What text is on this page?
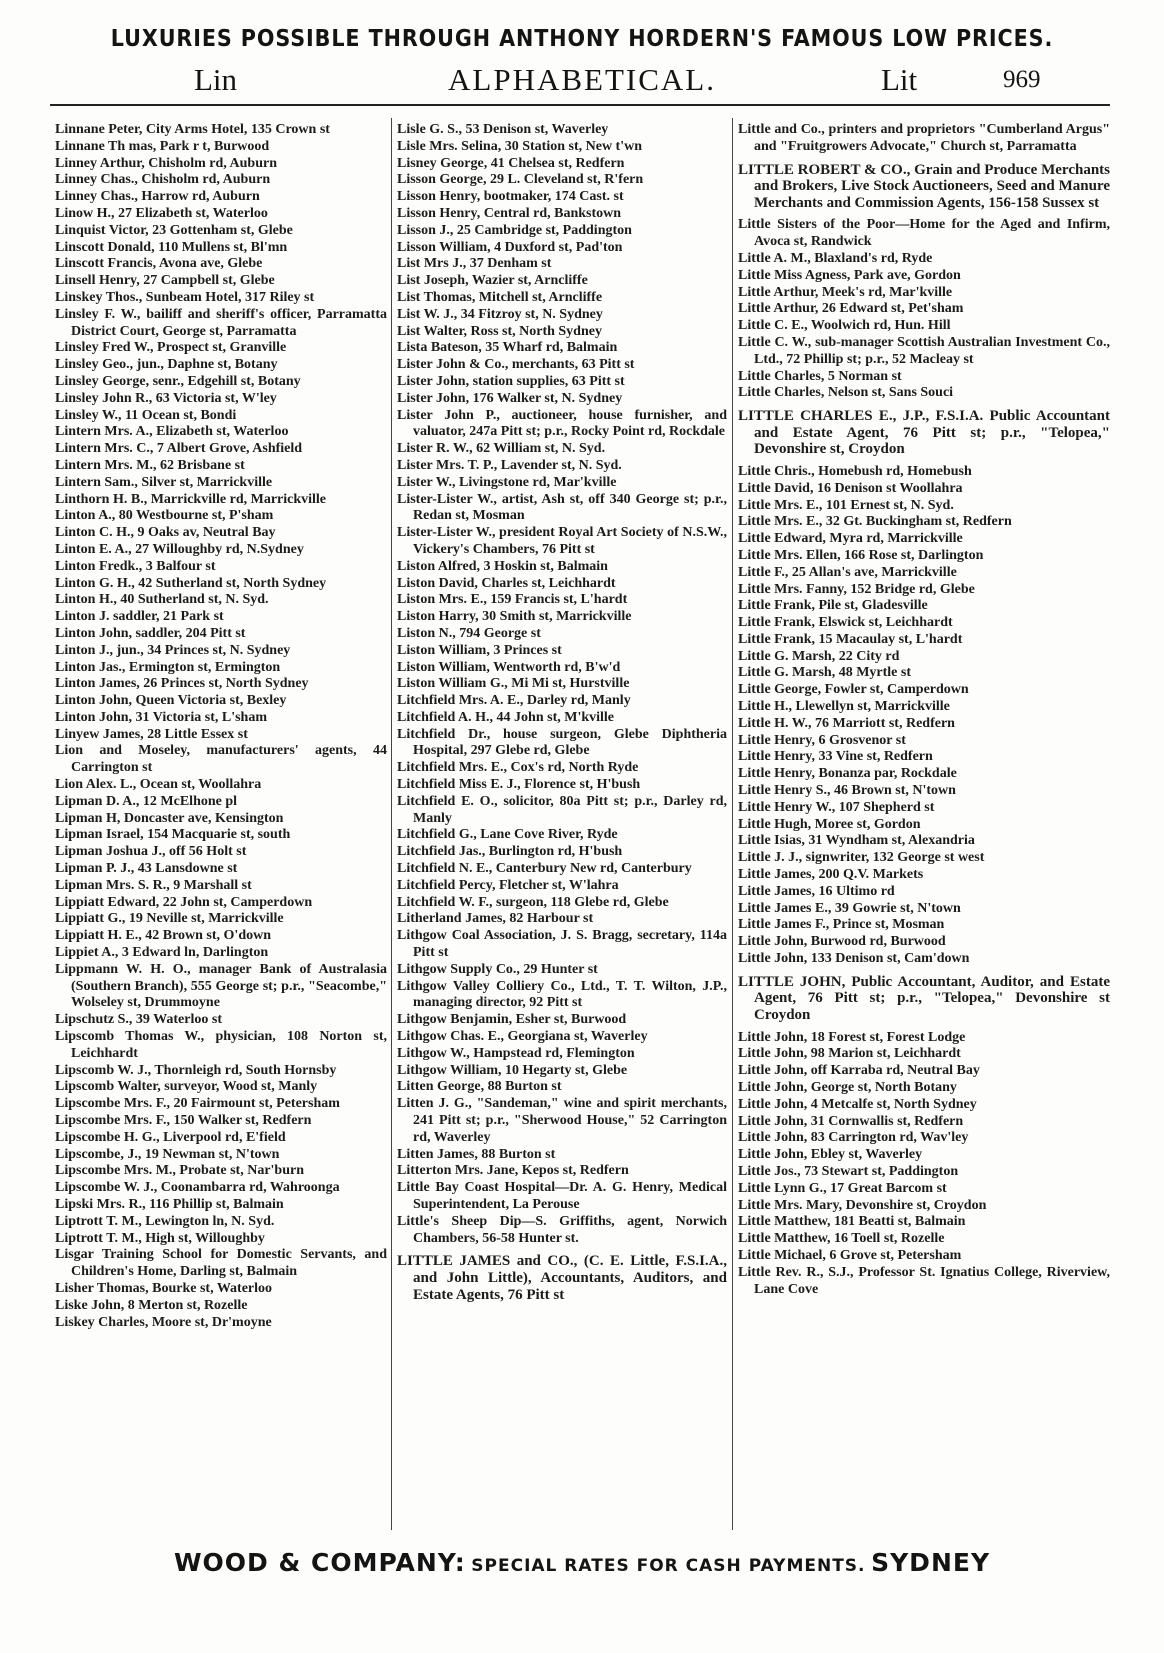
LUXURIES POSSIBLE THROUGH ANTHONY HORDERN'S FAMOUS LOW PRICES.
Lin	ALPHABETICAL.	Lit	969
Linnane Peter, City Arms Hotel, 135 Crown st
Linnane Th mas, Park r t, Burwood
Linney Arthur, Chisholm rd, Auburn
Linney Chas., Chisholm rd, Auburn
Linney Chas., Harrow rd, Auburn
Linow H., 27 Elizabeth st, Waterloo
Linquist Victor, 23 Gottenham st, Glebe
Linscott Donald, 110 Mullens st, Bl'mn
Linscott Francis, Avona ave, Glebe
Linsell Henry, 27 Campbell st, Glebe
Linskey Thos., Sunbeam Hotel, 317 Riley st
Linsley F. W., bailiff and sheriff's officer, Parramatta District Court, George st, Parramatta
Linsley Fred W., Prospect st, Granville
Linsley Geo., jun., Daphne st, Botany
Linsley George, senr., Edgehill st, Botany
Linsley John R., 63 Victoria st, W'ley
Linsley W., 11 Ocean st, Bondi
Lintern Mrs. A., Elizabeth st, Waterloo
Lintern Mrs. C., 7 Albert Grove, Ashfield
Lintern Mrs. M., 62 Brisbane st
Lintern Sam., Silver st, Marrickville
Linthorn H. B., Marrickville rd, Marrickville
Linton A., 80 Westbourne st, P'sham
Linton C. H., 9 Oaks av, Neutral Bay
Linton E. A., 27 Willoughby rd, N.Sydney
Linton Fredk., 3 Balfour st
Linton G. H., 42 Sutherland st, North Sydney
Linton H., 40 Sutherland st, N. Syd.
Linton J. saddler, 21 Park st
Linton John, saddler, 204 Pitt st
Linton J., jun., 34 Princes st, N. Sydney
Linton Jas., Ermington st, Ermington
Linton James, 26 Princes st, North Sydney
Linton John, Queen Victoria st, Bexley
Linton John, 31 Victoria st, L'sham
Linyew James, 28 Little Essex st
Lion and Moseley, manufacturers' agents, 44 Carrington st
Lion Alex. L., Ocean st, Woollahra
Lipman D. A., 12 McElhone pl
Lipman H, Doncaster ave, Kensington
Lipman Israel, 154 Macquarie st, south
Lipman Joshua J., off 56 Holt st
Lipman P. J., 43 Lansdowne st
Lipman Mrs. S. R., 9 Marshall st
Lippiatt Edward, 22 John st, Camperdown
Lippiatt G., 19 Neville st, Marrickville
Lippiatt H. E., 42 Brown st, O'down
Lippiet A., 3 Edward ln, Darlington
Lippmann W. H. O., manager Bank of Australasia (Southern Branch), 555 George st; p.r., "Seacombe," Wolseley st, Drummoyne
Lipschutz S., 39 Waterloo st
Lipscomb Thomas W., physician, 108 Norton st, Leichhardt
Lipscomb W. J., Thornleigh rd, South Hornsby
Lipscomb Walter, surveyor, Wood st, Manly
Lipscombe Mrs. F., 20 Fairmount st, Petersham
Lipscombe Mrs. F., 150 Walker st, Redfern
Lipscombe H. G., Liverpool rd, E'field
Lipscombe, J., 19 Newman st, N'town
Lipscombe Mrs. M., Probate st, Nar'burn
Lipscombe W. J., Coonambarra rd, Wahroonga
Lipski Mrs. R., 116 Phillip st, Balmain
Liptrott T. M., Lewington ln, N. Syd.
Liptrott T. M., High st, Willoughby
Lisgar Training School for Domestic Servants, and Children's Home, Darling st, Balmain
Lisher Thomas, Bourke st, Waterloo
Liske John, 8 Merton st, Rozelle
Liskey Charles, Moore st, Dr'moyne
Lisle G. S., 53 Denison st, Waverley
Lisle Mrs. Selina, 30 Station st, New t'wn
Lisney George, 41 Chelsea st, Redfern
Lisson George, 29 L. Cleveland st, R'fern
Lisson Henry, bootmaker, 174 Cast. st
Lisson Henry, Central rd, Bankstown
Lisson J., 25 Cambridge st, Paddington
Lisson William, 4 Duxford st, Pad'ton
List Mrs J., 37 Denham st
List Joseph, Wazier st, Arncliffe
List Thomas, Mitchell st, Arncliffe
List W. J., 34 Fitzroy st, N. Sydney
List Walter, Ross st, North Sydney
Lista Bateson, 35 Wharf rd, Balmain
Lister John & Co., merchants, 63 Pitt st
Lister John, station supplies, 63 Pitt st
Lister John, 176 Walker st, N. Sydney
Lister John P., auctioneer, house furnisher, and valuator, 247a Pitt st; p.r., Rocky Point rd, Rockdale
Lister R. W., 62 William st, N. Syd.
Lister Mrs. T. P., Lavender st, N. Syd.
Lister W., Livingstone rd, Mar'kville
Lister-Lister W., artist, Ash st, off 340 George st; p.r., Redan st, Mosman
Lister-Lister W., president Royal Art Society of N.S.W., Vickery's Chambers, 76 Pitt st
Liston Alfred, 3 Hoskin st, Balmain
Liston David, Charles st, Leichhardt
Liston Mrs. E., 159 Francis st, L'hardt
Liston Harry, 30 Smith st, Marrickville
Liston N., 794 George st
Liston William, 3 Princes st
Liston William, Wentworth rd, B'w'd
Liston William G., Mi Mi st, Hurstville
Litchfield Mrs. A. E., Darley rd, Manly
Litchfield A. H., 44 John st, M'kville
Litchfield Dr., house surgeon, Glebe Diphtheria Hospital, 297 Glebe rd, Glebe
Litchfield Mrs. E., Cox's rd, North Ryde
Litchfield Miss E. J., Florence st, H'bush
Litchfield E. O., solicitor, 80a Pitt st; p.r., Darley rd, Manly
Litchfield G., Lane Cove River, Ryde
Litchfield Jas., Burlington rd, H'bush
Litchfield N. E., Canterbury New rd, Canterbury
Litchfield Percy, Fletcher st, W'lahra
Litchfield W. F., surgeon, 118 Glebe rd, Glebe
Litherland James, 82 Harbour st
Lithgow Coal Association, J. S. Bragg, secretary, 114a Pitt st
Lithgow Supply Co., 29 Hunter st
Lithgow Valley Colliery Co., Ltd., T. T. Wilton, J.P., managing director, 92 Pitt st
Lithgow Benjamin, Esher st, Burwood
Lithgow Chas. E., Georgiana st, Waverley
Lithgow W., Hampstead rd, Flemington
Lithgow William, 10 Hegarty st, Glebe
Litten George, 88 Burton st
Litten J. G., "Sandeman," wine and spirit merchants, 241 Pitt st; p.r., "Sherwood House," 52 Carrington rd, Waverley
Litten James, 88 Burton st
Litterton Mrs. Jane, Kepos st, Redfern
Little Bay Coast Hospital—Dr. A. G. Henry, Medical Superintendent, La Perouse
Little's Sheep Dip—S. Griffiths, agent, Norwich Chambers, 56-58 Hunter st.
LITTLE JAMES and CO., (C. E. Little, F.S.I.A., and John Little), Accountants, Auditors, and Estate Agents, 76 Pitt st
Little and Co., printers and proprietors "Cumberland Argus" and "Fruitgrowers Advocate," Church st, Parramatta
LITTLE ROBERT & CO., Grain and Produce Merchants and Brokers, Live Stock Auctioneers, Seed and Manure Merchants and Commission Agents, 156-158 Sussex st
Little Sisters of the Poor—Home for the Aged and Infirm, Avoca st, Randwick
Little A. M., Blaxland's rd, Ryde
Little Miss Agness, Park ave, Gordon
Little Arthur, Meek's rd, Mar'kville
Little Arthur, 26 Edward st, Pet'sham
Little C. E., Woolwich rd, Hun. Hill
Little C. W., sub-manager Scottish Australian Investment Co., Ltd., 72 Phillip st; p.r., 52 Macleay st
Little Charles, 5 Norman st
Little Charles, Nelson st, Sans Souci
LITTLE CHARLES E., J.P., F.S.I.A. Public Accountant and Estate Agent, 76 Pitt st; p.r., "Telopea," Devonshire st, Croydon
Little Chris., Homebush rd, Homebush
Little David, 16 Denison st Woollahra
Little Mrs. E., 101 Ernest st, N. Syd.
Little Mrs. E., 32 Gt. Buckingham st, Redfern
Little Edward, Myra rd, Marrickville
Little Mrs. Ellen, 166 Rose st, Darlington
Little F., 25 Allan's ave, Marrickville
Little Mrs. Fanny, 152 Bridge rd, Glebe
Little Frank, Pile st, Gladesville
Little Frank, Elswick st, Leichhardt
Little Frank, 15 Macaulay st, L'hardt
Little G. Marsh, 22 City rd
Little G. Marsh, 48 Myrtle st
Little George, Fowler st, Camperdown
Little H., Llewellyn st, Marrickville
Little H. W., 76 Marriott st, Redfern
Little Henry, 6 Grosvenor st
Little Henry, 33 Vine st, Redfern
Little Henry, Bonanza par, Rockdale
Little Henry S., 46 Brown st, N'town
Little Henry W., 107 Shepherd st
Little Hugh, Moree st, Gordon
Little Isias, 31 Wyndham st, Alexandria
Little J. J., signwriter, 132 George st west
Little James, 200 Q.V. Markets
Little James, 16 Ultimo rd
Little James E., 39 Gowrie st, N'town
Little James F., Prince st, Mosman
Little John, Burwood rd, Burwood
Little John, 133 Denison st, Cam'down
LITTLE JOHN, Public Accountant, Auditor, and Estate Agent, 76 Pitt st; p.r., "Telopea," Devonshire st Croydon
Little John, 18 Forest st, Forest Lodge
Little John, 98 Marion st, Leichhardt
Little John, off Karraba rd, Neutral Bay
Little John, George st, North Botany
Little John, 4 Metcalfe st, North Sydney
Little John, 31 Cornwallis st, Redfern
Little John, 83 Carrington rd, Wav'ley
Little John, Ebley st, Waverley
Little Jos., 73 Stewart st, Paddington
Little Lynn G., 17 Great Barcom st
Little Mrs. Mary, Devonshire st, Croydon
Little Matthew, 181 Beatti st, Balmain
Little Matthew, 16 Toell st, Rozelle
Little Michael, 6 Grove st, Petersham
Little Rev. R., S.J., Professor St. Ignatius College, Riverview, Lane Cove
WOOD & COMPANY: SPECIAL RATES FOR CASH PAYMENTS. SYDNEY
